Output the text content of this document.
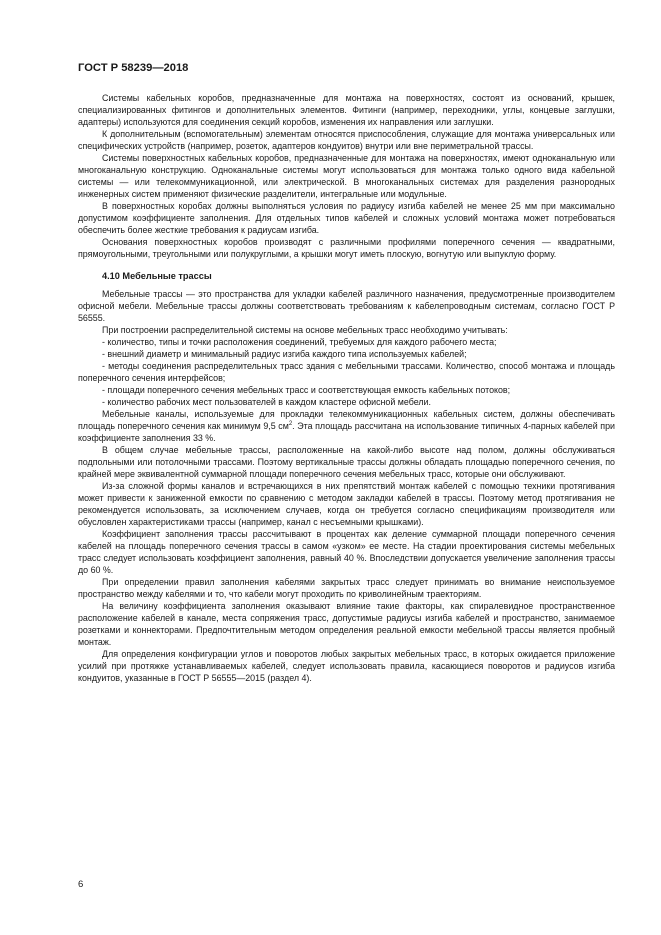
ГОСТ Р 58239—2018

Системы кабельных коробов, предназначенные для монтажа на поверхностях, состоят из оснований, крышек, специализированных фитингов и дополнительных элементов. Фитинги (например, переходники, углы, концевые заглушки, адаптеры) используются для соединения секций коробов, изменения их направления или заглушки.

К дополнительным (вспомогательным) элементам относятся приспособления, служащие для монтажа универсальных или специфических устройств (например, розеток, адаптеров кондуитов) внутри или вне периметральной трассы.

Системы поверхностных кабельных коробов, предназначенные для монтажа на поверхностях, имеют одноканальную или многоканальную конструкцию. Одноканальные системы могут использоваться для монтажа только одного вида кабельной системы — или телекоммуникационной, или электрической. В многоканальных системах для разделения разнородных инженерных систем применяют физические разделители, интегральные или модульные.

В поверхностных коробах должны выполняться условия по радиусу изгиба кабелей не менее 25 мм при максимально допустимом коэффициенте заполнения. Для отдельных типов кабелей и сложных условий монтажа может потребоваться обеспечить более жесткие требования к радиусам изгиба.

Основания поверхностных коробов производят с различными профилями поперечного сечения — квадратными, прямоугольными, треугольными или полукруглыми, а крышки могут иметь плоскую, вогнутую или выпуклую форму.

4.10 Мебельные трассы

Мебельные трассы — это пространства для укладки кабелей различного назначения, предусмотренные производителем офисной мебели. Мебельные трассы должны соответствовать требованиям к кабелепроводным системам, согласно ГОСТ Р 56555.

При построении распределительной системы на основе мебельных трасс необходимо учитывать:

- количество, типы и точки расположения соединений, требуемых для каждого рабочего места;

- внешний диаметр и минимальный радиус изгиба каждого типа используемых кабелей;

- методы соединения распределительных трасс здания с мебельными трассами. Количество, способ монтажа и площадь поперечного сечения интерфейсов;

- площади поперечного сечения мебельных трасс и соответствующая емкость кабельных потоков;

- количество рабочих мест пользователей в каждом кластере офисной мебели.

Мебельные каналы, используемые для прокладки телекоммуникационных кабельных систем, должны обеспечивать площадь поперечного сечения как минимум 9,5 $см^2$. Эта площадь рассчитана на использование типичных 4-парных кабелей при коэффициенте заполнения 33 %.

В общем случае мебельные трассы, расположенные на какой-либо высоте над полом, должны обслуживаться подпольными или потолочными трассами. Поэтому вертикальные трассы должны обладать площадью поперечного сечения, по крайней мере эквивалентной суммарной площади поперечного сечения мебельных трасс, которые они обслуживают.

Из-за сложной формы каналов и встречающихся в них препятствий монтаж кабелей с помощью техники протягивания может привести к заниженной емкости по сравнению с методом закладки кабелей в трассы. Поэтому метод протягивания не рекомендуется использовать, за исключением случаев, когда он требуется согласно спецификациям производителя или обусловлен характеристиками трассы (например, канал с несъемными крышками).

Коэффициент заполнения трассы рассчитывают в процентах как деление суммарной площади поперечного сечения кабелей на площадь поперечного сечения трассы в самом «узком» ее месте. На стадии проектирования системы мебельных трасс следует использовать коэффициент заполнения, равный 40 %. Впоследствии допускается увеличение заполнения трассы до 60 %.

При определении правил заполнения кабелями закрытых трасс следует принимать во внимание неиспользуемое пространство между кабелями и то, что кабели могут проходить по криволинейным траекториям.

На величину коэффициента заполнения оказывают влияние такие факторы, как спиралевидное пространственное расположение кабелей в канале, места сопряжения трасс, допустимые радиусы изгиба кабелей и пространство, занимаемое розетками и коннекторами. Предпочтительным методом определения реальной емкости мебельной трассы является пробный монтаж.

Для определения конфигурации углов и поворотов любых закрытых мебельных трасс, в которых ожидается приложение усилий при протяжке устанавливаемых кабелей, следует использовать правила, касающиеся поворотов и радиусов изгиба кондуитов, указанные в ГОСТ Р 56555—2015 (раздел 4).

6
